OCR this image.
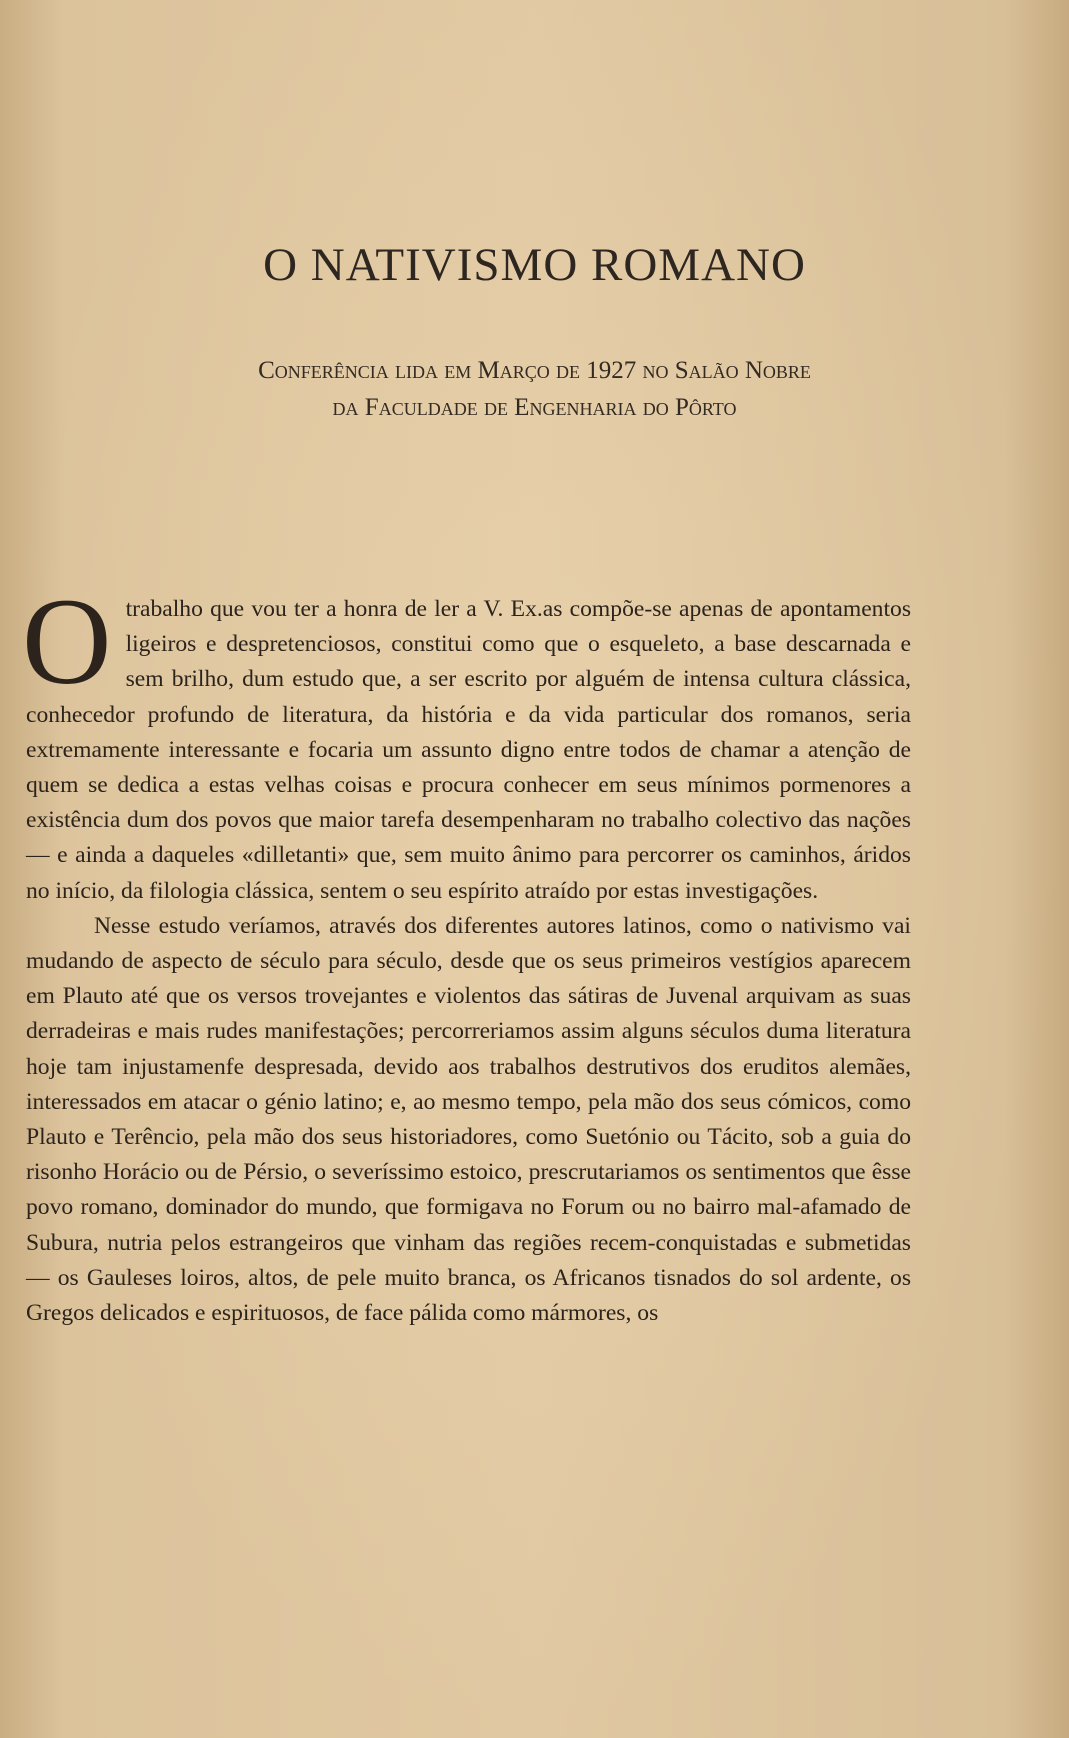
O NATIVISMO ROMANO

Conferência lida em Março de 1927 no Salão Nobre

da Faculdade de Engenharia do Pôrto

O trabalho que vou ter a honra de ler a V. Ex.as compõe-se apenas de apontamentos ligeiros e despretenciosos, constitui como que o esqueleto, a base descarnada e sem brilho, dum estudo que, a ser escrito por alguém de intensa cultura clássica, conhecedor profundo de literatura, da história e da vida particular dos romanos, seria extremamente interessante e focaria um assunto digno entre todos de chamar a atenção de quem se dedica a estas velhas coisas e procura conhecer em seus mínimos pormenores a existência dum dos povos que maior tarefa desempenharam no trabalho colectivo das nações — e ainda a daqueles «dilletanti» que, sem muito ânimo para percorrer os caminhos, áridos no início, da filologia clássica, sentem o seu espírito atraído por estas investigações.

Nesse estudo veríamos, através dos diferentes autores latinos, como o nativismo vai mudando de aspecto de século para século, desde que os seus primeiros vestígios aparecem em Plauto até que os versos trovejantes e violentos das sátiras de Juvenal arquivam as suas derradeiras e mais rudes manifestações; percorreriamos assim alguns séculos duma literatura hoje tam injustamenfe despresada, devido aos trabalhos destrutivos dos eruditos alemães, interessados em atacar o génio latino; e, ao mesmo tempo, pela mão dos seus cómicos, como Plauto e Terêncio, pela mão dos seus historiadores, como Suetónio ou Tácito, sob a guia do risonho Horácio ou de Pérsio, o severíssimo estoico, prescrutariamos os sentimentos que êsse povo romano, dominador do mundo, que formigava no Forum ou no bairro mal-afamado de Subura, nutria pelos estrangeiros que vinham das regiões recem-conquistadas e submetidas — os Gauleses loiros, altos, de pele muito branca, os Africanos tisnados do sol ardente, os Gregos delicados e espirituosos, de face pálida como mármores, os
